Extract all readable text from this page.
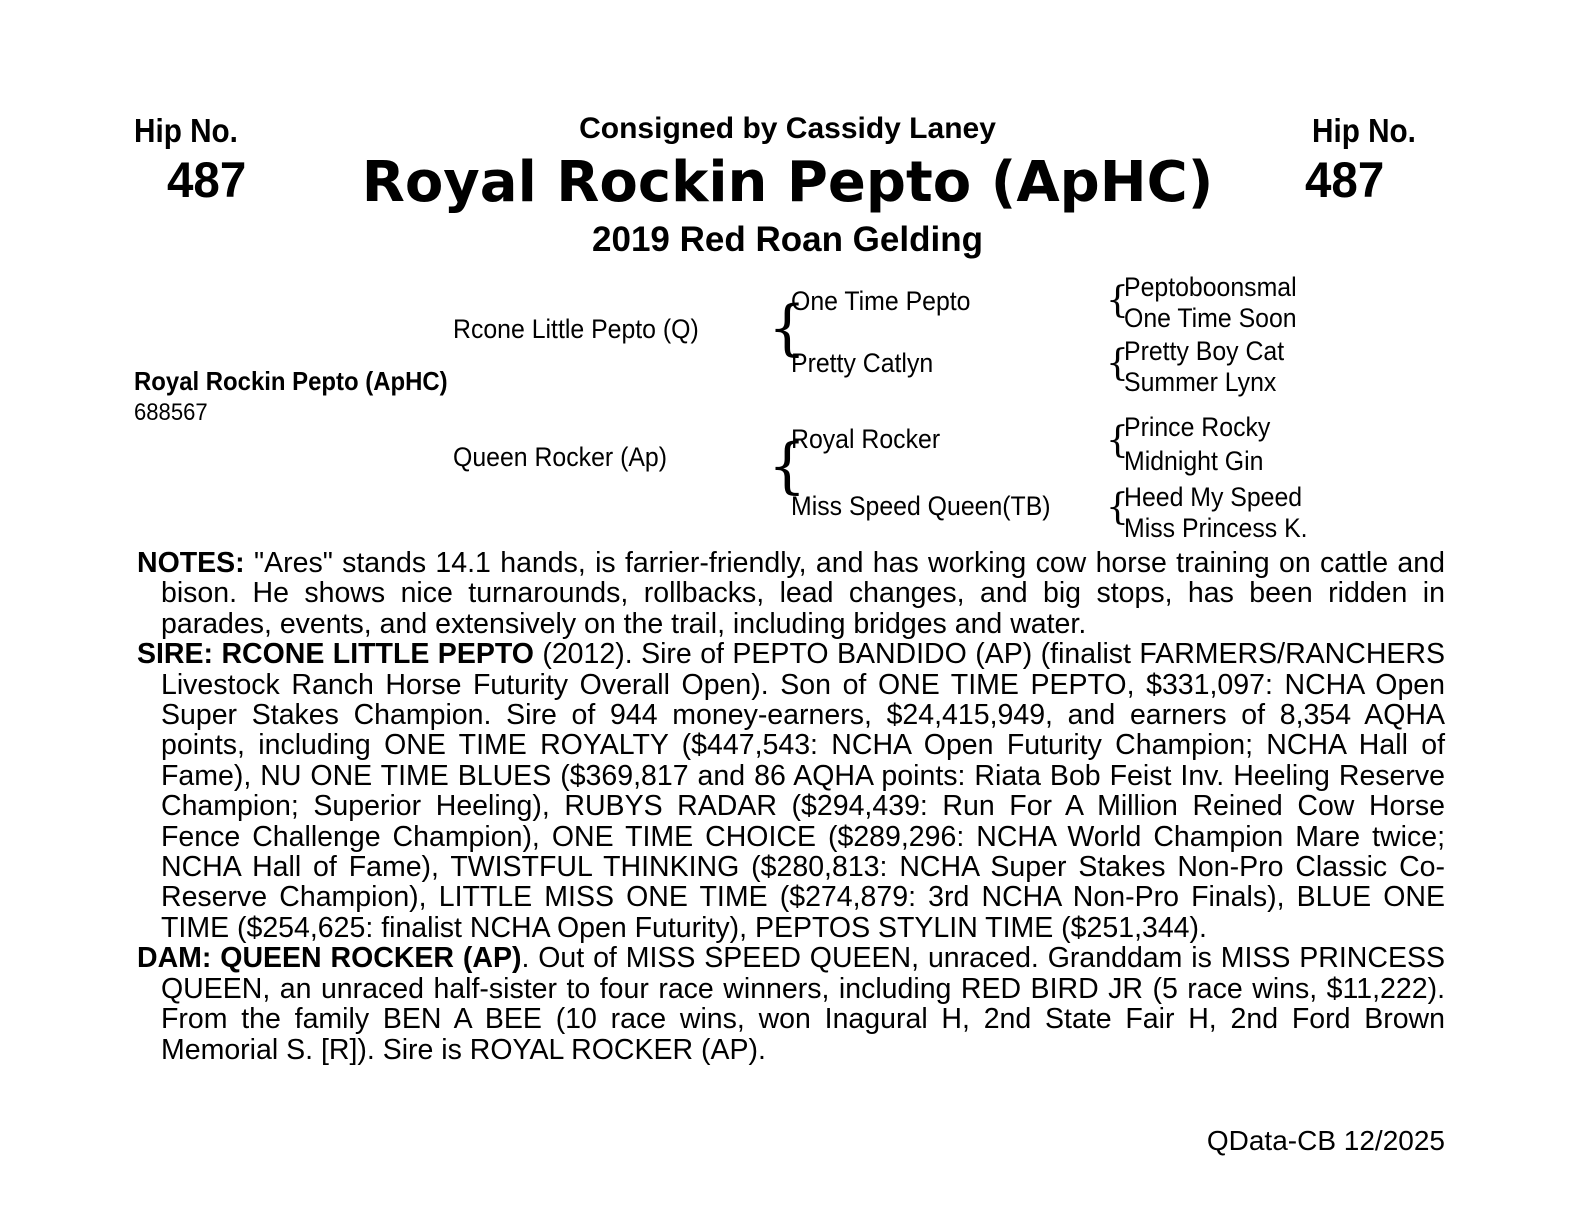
Hip No.
487
Hip No.
487
Consigned by Cassidy Laney
Royal Rockin Pepto (ApHC)
2019 Red Roan Gelding
Royal Rockin Pepto (ApHC)
688567
Rcone Little Pepto (Q)
Queen Rocker (Ap)
{
{
One Time Pepto
Pretty Catlyn
Royal Rocker
Miss Speed Queen(TB)
{
{
{
{
Peptoboonsmal
One Time Soon
Pretty Boy Cat
Summer Lynx
Prince Rocky
Midnight Gin
Heed My Speed
Miss Princess K.

NOTES: "Ares" stands 14.1 hands, is farrier-friendly, and has working cow horse training on cattle and bison. He shows nice turnarounds, rollbacks, lead changes, and big stops, has been ridden in parades, events, and extensively on the trail, including bridges and water.

SIRE: RCONE LITTLE PEPTO (2012). Sire of PEPTO BANDIDO (AP) (finalist FARMERS/RANCHERS Livestock Ranch Horse Futurity Overall Open). Son of ONE TIME PEPTO, $331,097: NCHA Open Super Stakes Champion. Sire of 944 money-earners, $24,415,949, and earners of 8,354 AQHA points, including ONE TIME ROYALTY ($447,543: NCHA Open Futurity Champion; NCHA Hall of Fame), NU ONE TIME BLUES ($369,817 and 86 AQHA points: Riata Bob Feist Inv. Heeling Reserve Champion; Superior Heeling), RUBYS RADAR ($294,439: Run For A Million Reined Cow Horse Fence Challenge Champion), ONE TIME CHOICE ($289,296: NCHA World Champion Mare twice; NCHA Hall of Fame), TWISTFUL THINKING ($280,813: NCHA Super Stakes Non-Pro Classic Co-Reserve Champion), LITTLE MISS ONE TIME ($274,879: 3rd NCHA Non-Pro Finals), BLUE ONE TIME ($254,625: finalist NCHA Open Futurity), PEPTOS STYLIN TIME ($251,344).

DAM: QUEEN ROCKER (AP). Out of MISS SPEED QUEEN, unraced. Granddam is MISS PRINCESS QUEEN, an unraced half-sister to four race winners, including RED BIRD JR (5 race wins, $11,222). From the family BEN A BEE (10 race wins, won Inagural H, 2nd State Fair H, 2nd Ford Brown Memorial S. [R]). Sire is ROYAL ROCKER (AP).

QData-CB 12/2025
